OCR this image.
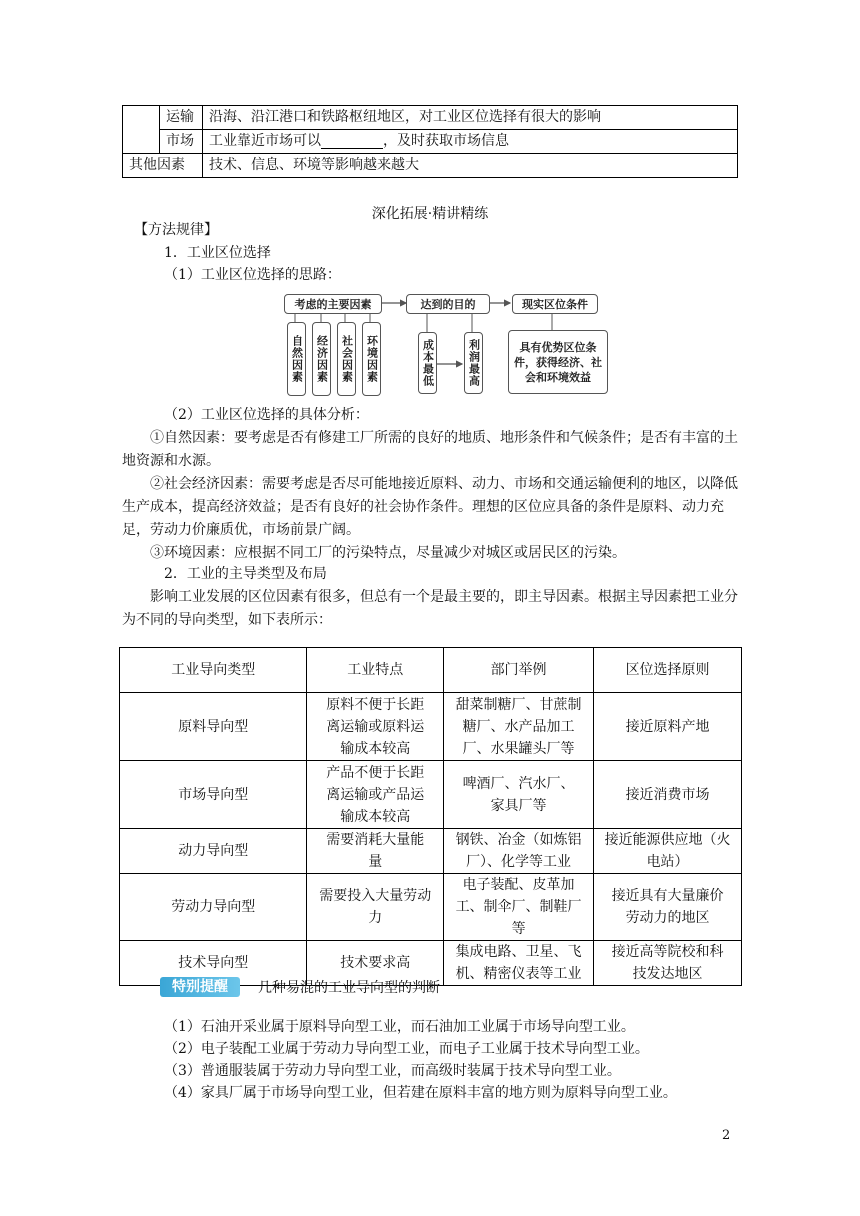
	运输	沿海、沿江港口和铁路枢纽地区，对工业区位选择有很大的影响
	市场	工业靠近市场可以 ，及时获取市场信息
其他因素		技术、信息、环境等影响越来越大
深化拓展·精讲精练
【方法规律】
1．工业区位选择
（1）工业区位选择的思路：
考虑的主要因素	达到的目的	现实区位条件
自然因素	经济因素	社会因素	环境因素	成本最低	利润最高	具有优势区位条件，获得经济、社会和环境效益
（2）工业区位选择的具体分析：
①自然因素：要考虑是否有修建工厂所需的良好的地质、地形条件和气候条件；是否有丰富的土地资源和水源。
②社会经济因素：需要考虑是否尽可能地接近原料、动力、市场和交通运输便利的地区，以降低生产成本，提高经济效益；是否有良好的社会协作条件。理想的区位应具备的条件是原料、动力充足，劳动力价廉质优，市场前景广阔。
③环境因素：应根据不同工厂的污染特点，尽量减少对城区或居民区的污染。
2．工业的主导类型及布局
影响工业发展的区位因素有很多，但总有一个是最主要的，即主导因素。根据主导因素把工业分为不同的导向类型，如下表所示：
工业导向类型	工业特点	部门举例	区位选择原则
原料导向型	原料不便于长距离运输或原料运输成本较高	甜菜制糖厂、甘蔗制糖厂、水产品加工厂、水果罐头厂等	接近原料产地
市场导向型	产品不便于长距离运输或产品运输成本较高	啤酒厂、汽水厂、家具厂等	接近消费市场
动力导向型	需要消耗大量能量	钢铁、冶金（如炼铝厂）、化学等工业	接近能源供应地（火电站）
劳动力导向型	需要投入大量劳动力	电子装配、皮革加工、制伞厂、制鞋厂等	接近具有大量廉价劳动力的地区
技术导向型	技术要求高	集成电路、卫星、飞机、精密仪表等工业	接近高等院校和科技发达地区
特别提醒	几种易混的工业导向型的判断
（1）石油开采业属于原料导向型工业，而石油加工业属于市场导向型工业。
（2）电子装配工业属于劳动力导向型工业，而电子工业属于技术导向型工业。
（3）普通服装属于劳动力导向型工业，而高级时装属于技术导向型工业。
（4）家具厂属于市场导向型工业，但若建在原料丰富的地方则为原料导向型工业。
2
